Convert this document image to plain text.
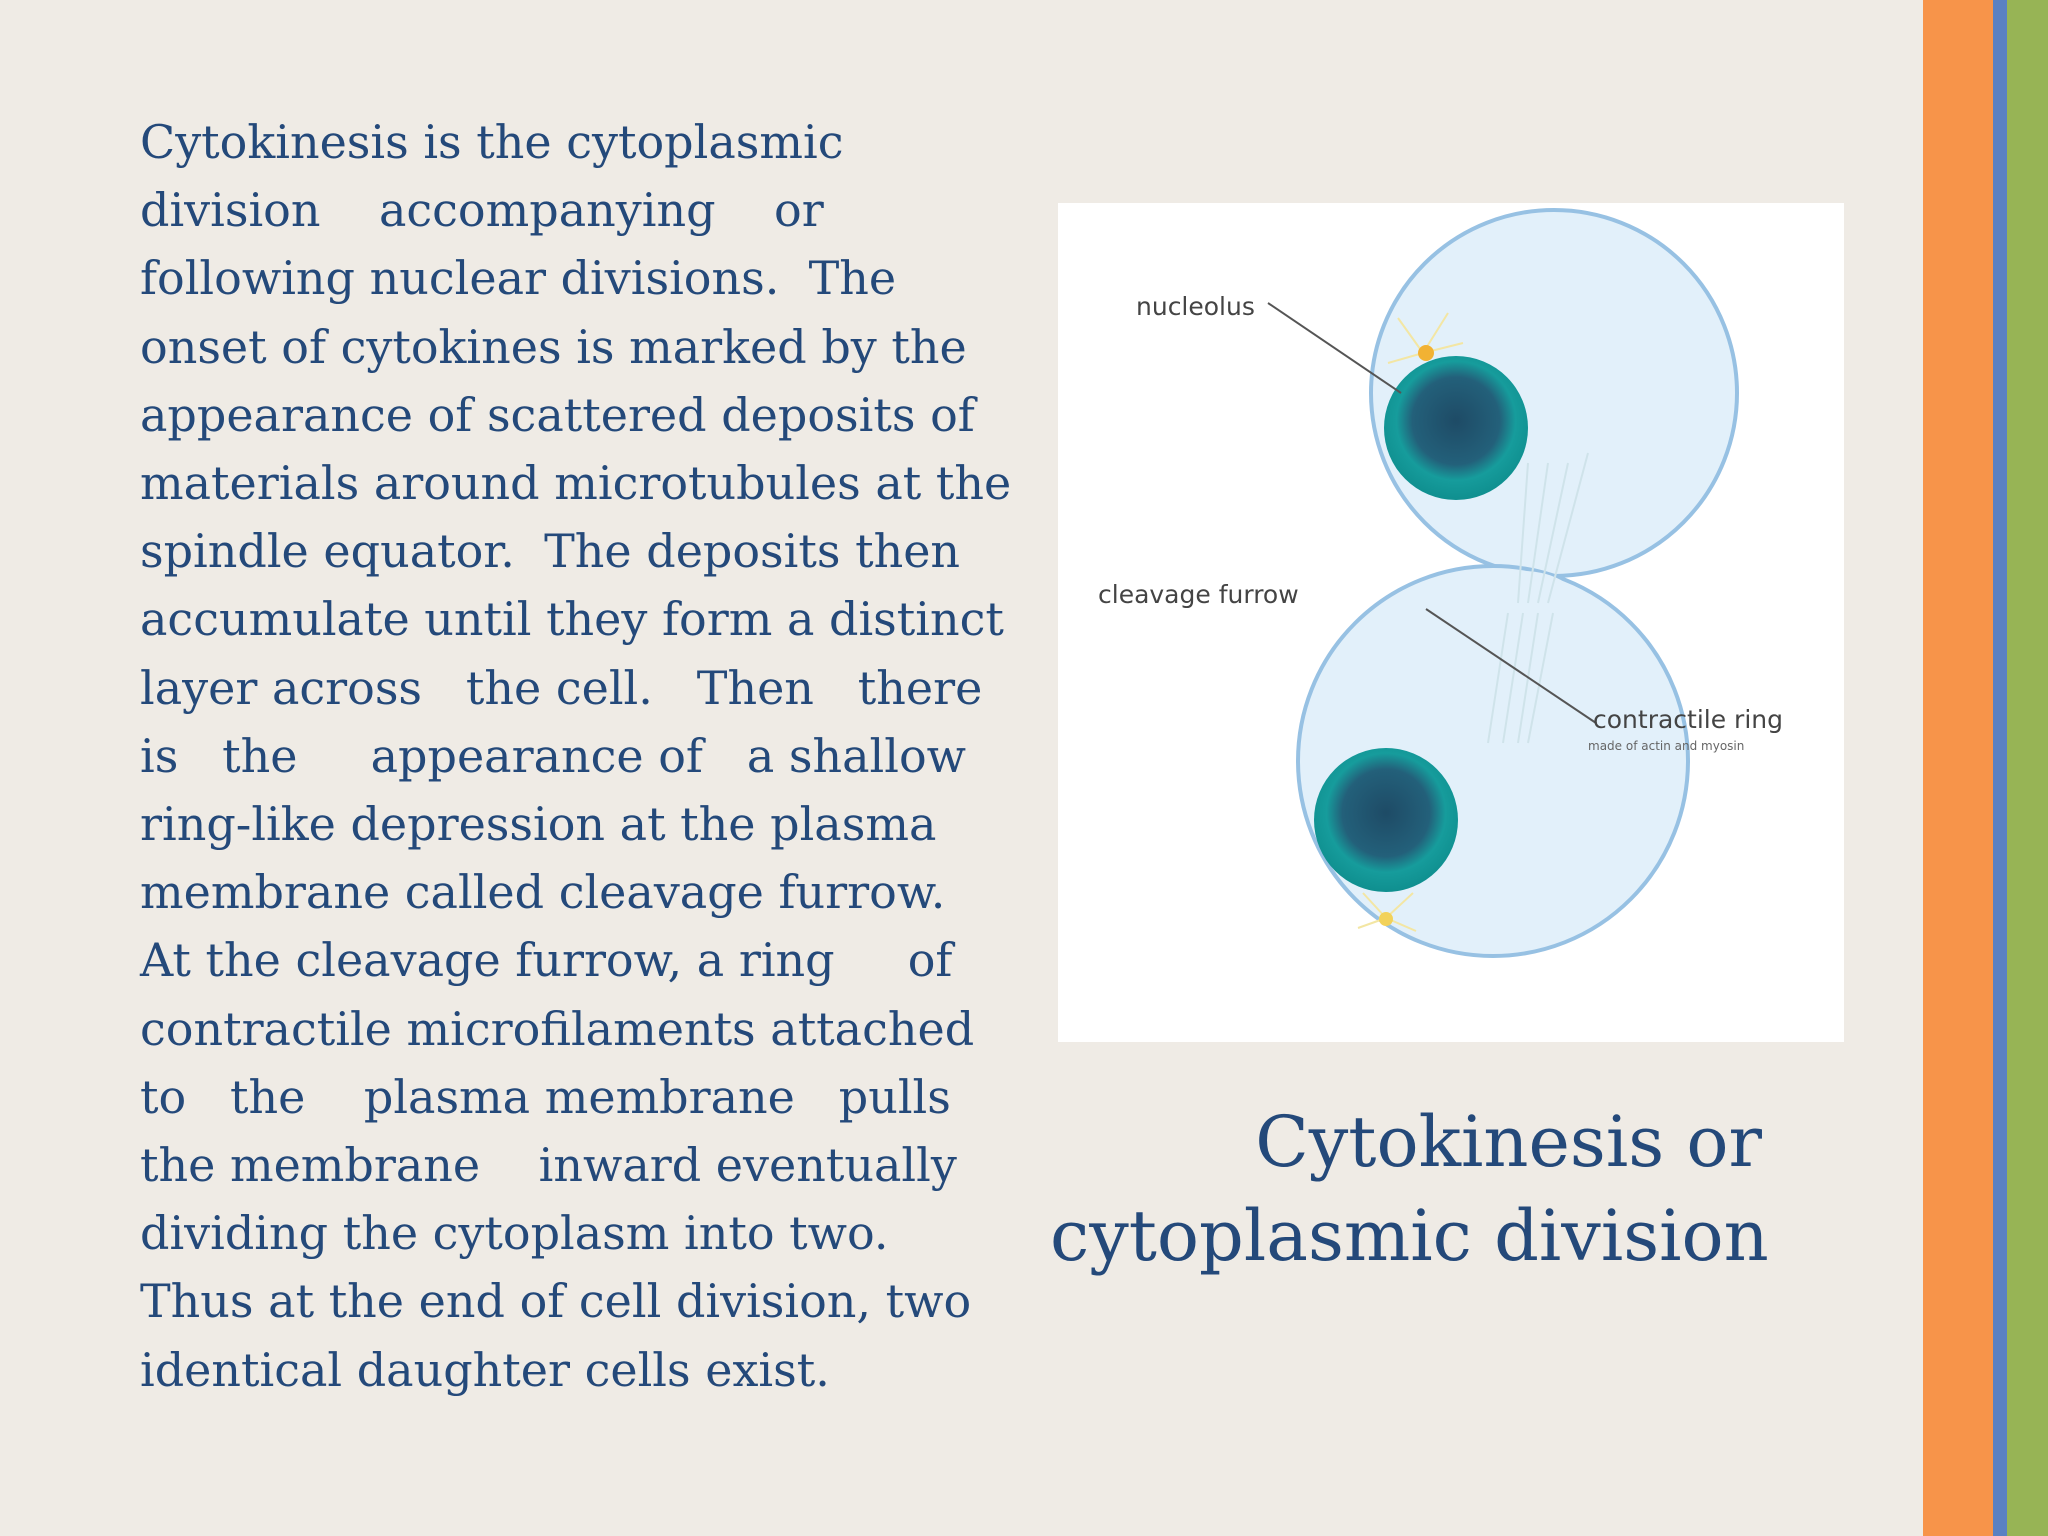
Cytokinesis is the cytoplasmic
division    accompanying    or
following nuclear divisions.  The
onset of cytokines is marked by the
appearance of scattered deposits of
materials around microtubules at the
spindle equator.  The deposits then
accumulate until they form a distinct
layer across   the cell.   Then   there
is   the     appearance of   a shallow
ring-like depression at the plasma
membrane called cleavage furrow.
At the cleavage furrow, a ring     of
contractile microfilaments attached
to   the    plasma membrane   pulls
the membrane    inward eventually
dividing the cytoplasm into two.
Thus at the end of cell division, two
identical daughter cells exist.

nucleolus
cleavage furrow
contractile ring
made of actin and myosin
Cytokinesis or
cytoplasmic division
